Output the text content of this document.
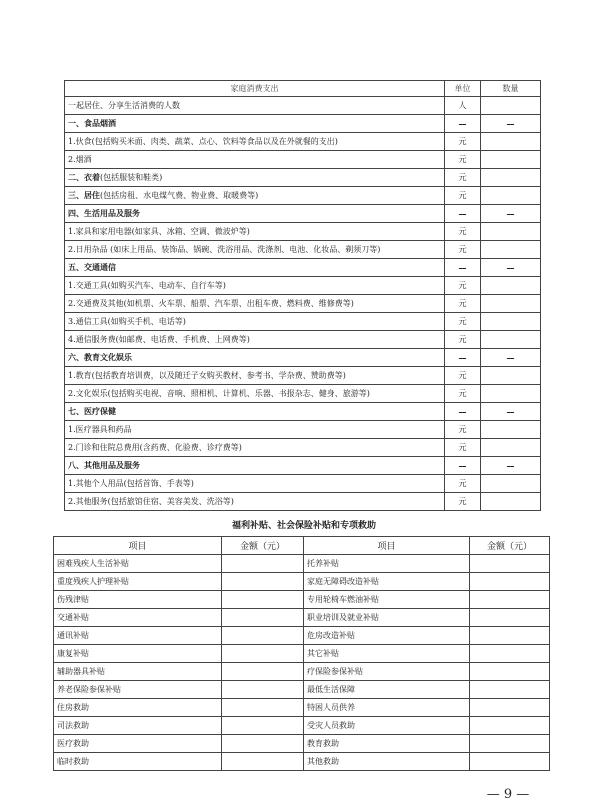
家庭消费支出	单位	数量
一起居住、分享生活消费的人数	人	
一、食品烟酒	—	—
1.伙食(包括购买米面、肉类、蔬菜、点心、饮料等食品以及在外就餐的支出)	元	
2.烟酒	元	
二、衣着(包括服装和鞋类)	元	
三、居住(包括房租、水电煤气费、物业费、取暖费等)	元	
四、生活用品及服务	—	—
1.家具和家用电器(如家具、冰箱、空调、微波炉等)	元	
2.日用杂品 (如床上用品、装饰品、锅碗、洗浴用品、洗涤剂、电池、化妆品、剃须刀等)	元	
五、交通通信	—	—
1.交通工具(如购买汽车、电动车、自行车等)	元	
2.交通费及其他(如机票、火车票、船票、汽车票、出租车费、燃料费、维修费等)	元	
3.通信工具(如购买手机、电话等)	元	
4.通信服务费(如邮费、电话费、手机费、上网费等)	元	
六、教育文化娱乐	—	—
1.教育(包括教育培训费，以及随迁子女购买教材、参考书、学杂费、赞助费等)	元	
2.文化娱乐(包括购买电视、音响、照相机、计算机、乐器、书报杂志、健身、旅游等)	元	
七、医疗保健	—	—
1.医疗器具和药品	元	
2.门诊和住院总费用(含药费、化验费、诊疗费等)	元	
八、其他用品及服务	—	—
1.其他个人用品(包括首饰、手表等)	元	
2.其他服务(包括旅馆住宿、美容美发、洗浴等)	元	
福利补贴、社会保险补贴和专项救助
项目	金额（元）	项目	金额（元）
困难残疾人生活补贴		托养补贴	
重度残疾人护理补贴		家庭无障碍改造补贴	
伤残津贴		专用轮椅车燃油补贴	
交通补贴		职业培训及就业补贴	
通讯补贴		危房改造补贴	
康复补贴		其它补贴	
辅助器具补贴		疗保险参保补贴	
养老保险参保补贴		最低生活保障	
住房救助		特困人员供养	
司法救助		受灾人员救助	
医疗救助		教育救助	
临时救助		其他救助	
— 9 —
